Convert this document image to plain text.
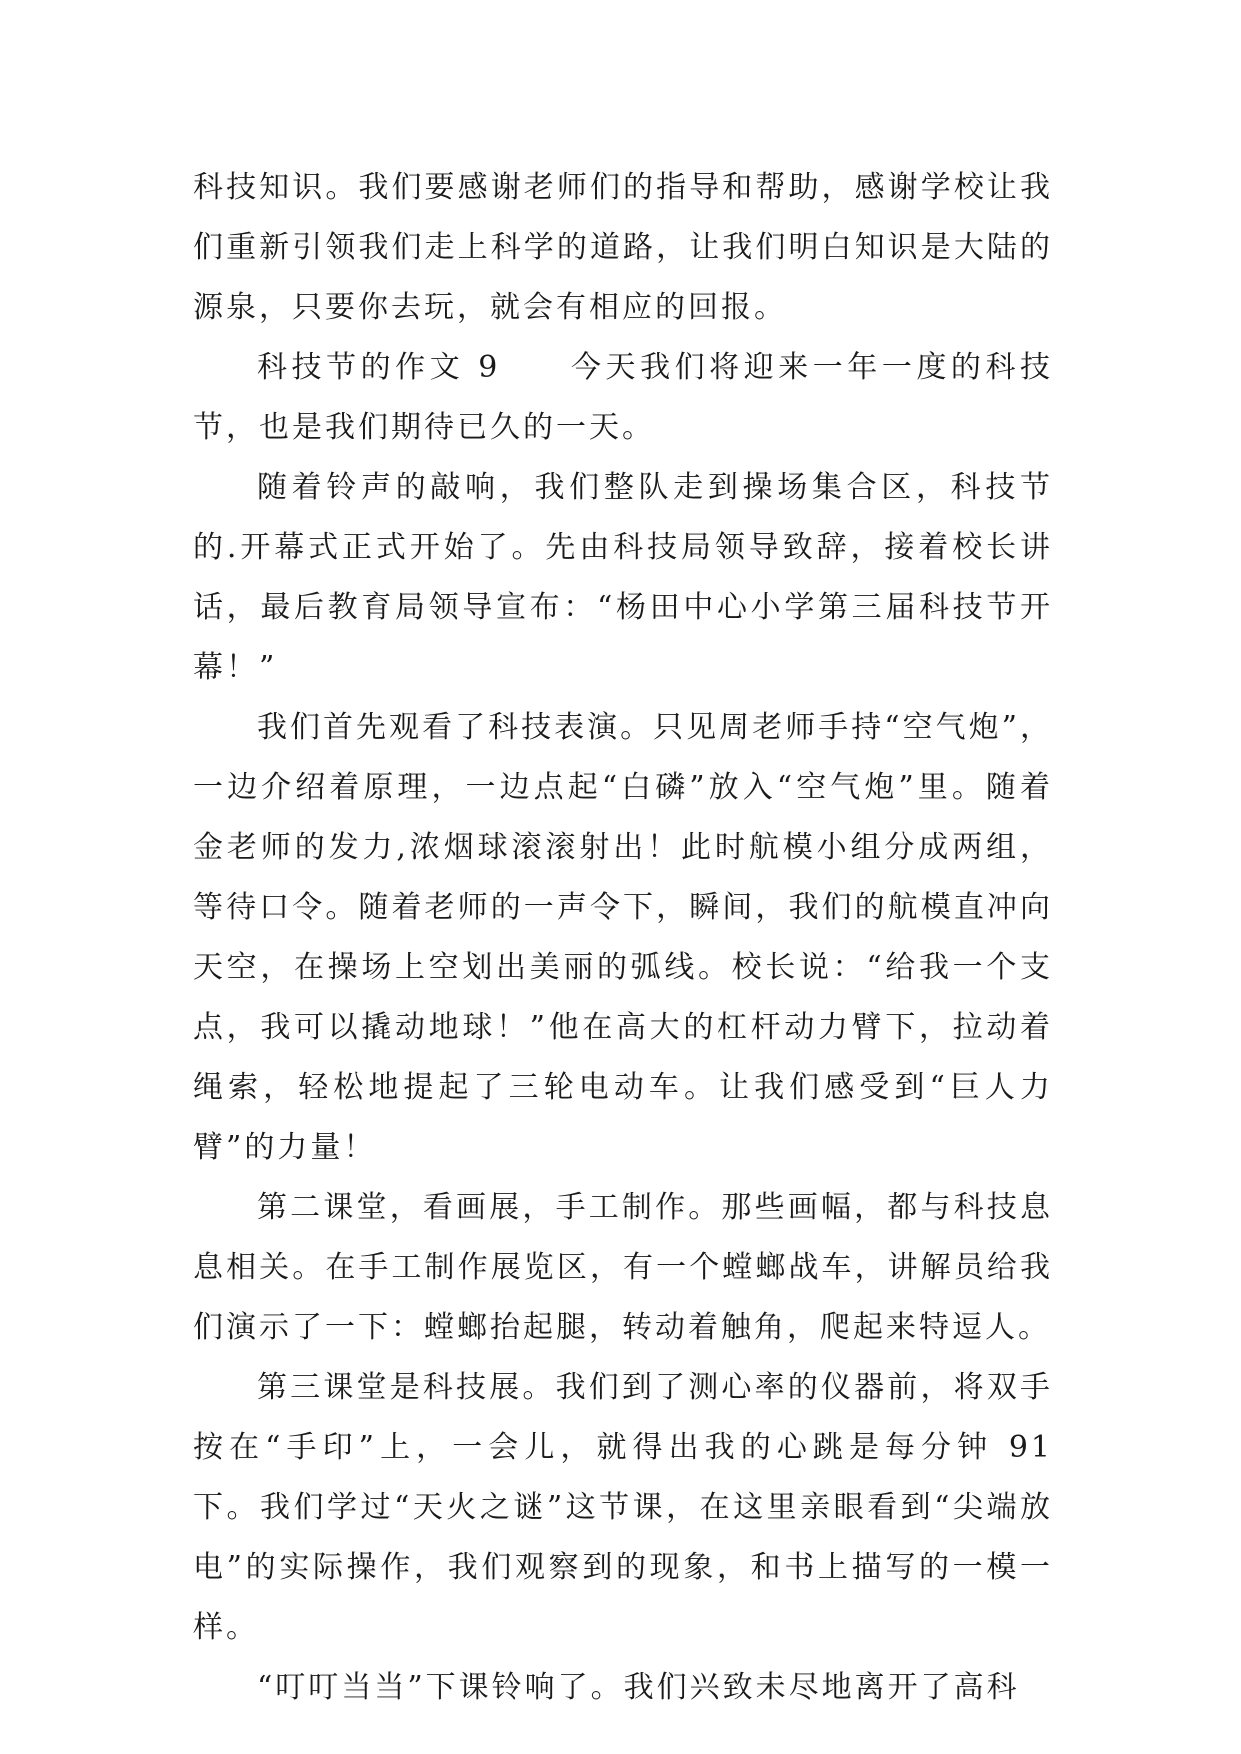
科技知识。我们要感谢老师们的指导和帮助，感谢学校让我们重新引领我们走上科学的道路，让我们明白知识是大陆的源泉，只要你去玩，就会有相应的回报。

科技节的作文 9　　今天我们将迎来一年一度的科技节，也是我们期待已久的一天。

随着铃声的敲响，我们整队走到操场集合区，科技节的.开幕式正式开始了。先由科技局领导致辞，接着校长讲话，最后教育局领导宣布：“杨田中心小学第三届科技节开幕！”

我们首先观看了科技表演。只见周老师手持“空气炮”，一边介绍着原理，一边点起“白磷”放入“空气炮”里。随着金老师的发力,浓烟球滚滚射出！此时航模小组分成两组，等待口令。随着老师的一声令下，瞬间，我们的航模直冲向天空，在操场上空划出美丽的弧线。校长说：“给我一个支点，我可以撬动地球！”他在高大的杠杆动力臂下，拉动着绳索，轻松地提起了三轮电动车。让我们感受到“巨人力臂”的力量！

第二课堂，看画展，手工制作。那些画幅，都与科技息息相关。在手工制作展览区，有一个螳螂战车，讲解员给我们演示了一下：螳螂抬起腿，转动着触角，爬起来特逗人。

第三课堂是科技展。我们到了测心率的仪器前，将双手按在“手印”上，一会儿，就得出我的心跳是每分钟 91 下。我们学过“天火之谜”这节课，在这里亲眼看到“尖端放电”的实际操作，我们观察到的现象，和书上描写的一模一样。

“叮叮当当”下课铃响了。我们兴致未尽地离开了高科
